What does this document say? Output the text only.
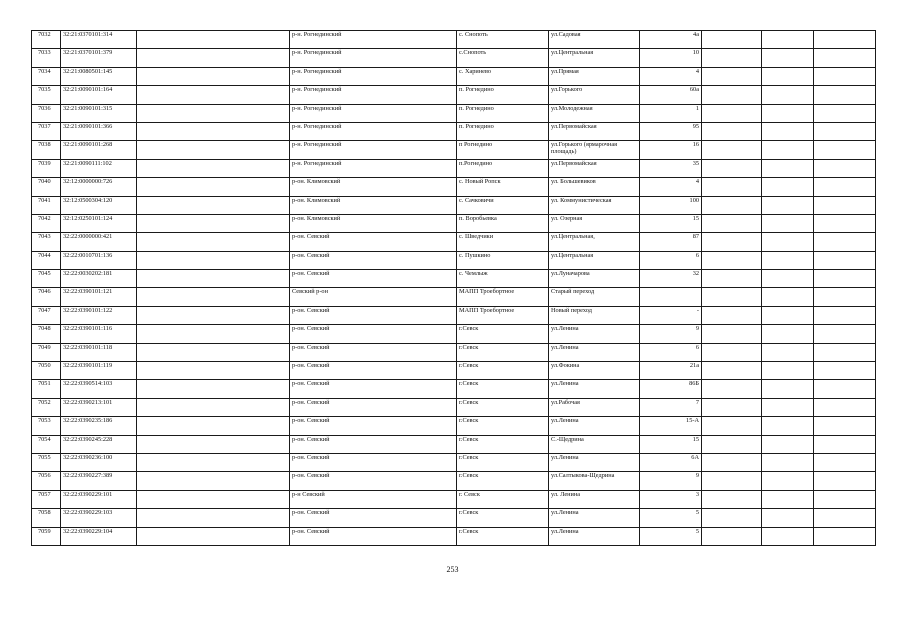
7032	32:21:0370101:314		р-н. Рогнединский	с. Снопоть	ул.Садовая	4а			
7033	32:21:0370101:379		р-н. Рогнединский	с.Снопоть	ул.Центральная	10			
7034	32:21:0080501:145		р-н. Рогнединский	с. Харинево	ул.Прямая	4			
7035	32:21:0090101:164		р-н. Рогнединский	п. Рогнедино	ул.Горького	60а			
7036	32:21:0090101:315		р-н. Рогнединский	п. Рогнедино	ул.Молодежная	1			
7037	32:21:0090101:366		р-н. Рогнединский	п. Рогнедино	ул.Первомайская	95			
7038	32:21:0090101:268		р-н. Рогнединский	п Рогнедино	ул.Горького (ярмарочная площадь)	16			
7039	32:21:0090111:102		р-н. Рогнединский	п.Рогнедино	ул.Первомайская	35			
7040	32:12:0000000:726		р-он. Климовский	с. Новый Ропск	ул. Большевиков	4			
7041	32:12:0500304:120		р-он. Климовский	с. Сачковичи	ул. Коммунистическая	100			
7042	32:12:0250101:124		р-он. Климовский	п. Воробьевка	ул. Озерная	15			
7043	32:22:0000000:421		р-он. Севский	с. Шведчики	ул.Центральная,	87			
7044	32:22:0010701:136		р-он. Севский	с. Пушкино	ул.Центральная	6			
7045	32:22:0030202:181		р-он. Севский	с. Чемлыж	ул.Луначарова	32			
7046	32:22:0390101:121		Севский р-он	МАПП Троебортное	Старый переход				
7047	32:22:0390101:122		р-он. Севский	МАПП Троебортное	Новый переход	-			
7048	32:22:0390101:116		р-он. Севский	г.Севск	ул.Ленина	9			
7049	32:22:0390101:118		р-он. Севский	г.Севск	ул.Ленина	6			
7050	32:22:0390101:119		р-он. Севский	г.Севск	ул.Фокина	21а			
7051	32:22:0390514:103		р-он. Севский	г.Севск	ул.Ленина	86Б			
7052	32:22:0390213:101		р-он. Севский	г.Севск	ул.Рабочая	7			
7053	32:22:0390235:186		р-он. Севский	г.Севск	ул.Ленина	15-А			
7054	32:22:0390245:228		р-он. Севский	г.Севск	С.-Щедрина	15			
7055	32:22:0390236:100		р-он. Севский	г.Севск	ул.Ленина	6А			
7056	32:22:0390227:389		р-он. Севский	г.Севск	ул.Салтыкова-Щедрина	9			
7057	32:22:0390229:101		р-н Севский	г. Севск	ул. Ленина	3			
7058	32:22:0390229:103		р-он. Севский	г.Севск	ул.Ленина	5			
7059	32:22:0390229:104		р-он. Севский	г.Севск	ул.Ленина	5			
253
